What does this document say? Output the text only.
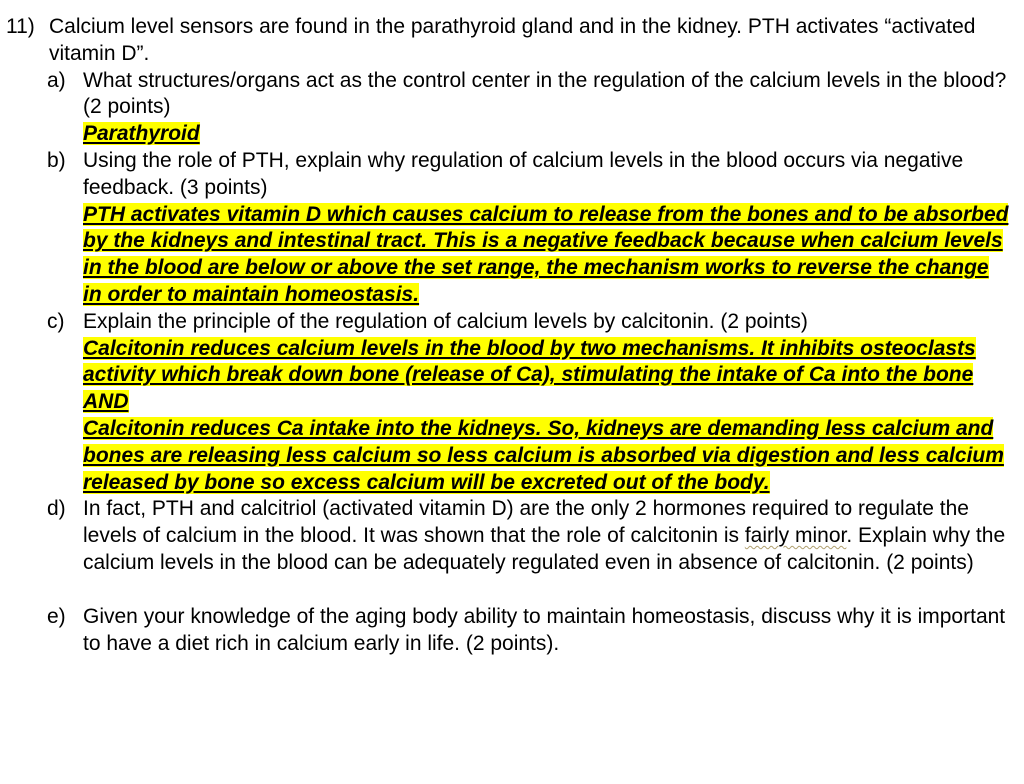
11) Calcium level sensors are found in the parathyroid gland and in the kidney. PTH activates “activated vitamin D”.

a) What structures/organs act as the control center in the regulation of the calcium levels in the blood? (2 points)

Parathyroid

b) Using the role of PTH, explain why regulation of calcium levels in the blood occurs via negative feedback. (3 points)

PTH activates vitamin D which causes calcium to release from the bones and to be absorbed by the kidneys and intestinal tract. This is a negative feedback because when calcium levels in the blood are below or above the set range, the mechanism works to reverse the change in order to maintain homeostasis.

c) Explain the principle of the regulation of calcium levels by calcitonin. (2 points)

Calcitonin reduces calcium levels in the blood by two mechanisms. It inhibits osteoclasts activity which break down bone (release of Ca), stimulating the intake of Ca into the bone

AND

Calcitonin reduces Ca intake into the kidneys. So, kidneys are demanding less calcium and bones are releasing less calcium so less calcium is absorbed via digestion and less calcium released by bone so excess calcium will be excreted out of the body.

d) In fact, PTH and calcitriol (activated vitamin D) are the only 2 hormones required to regulate the levels of calcium in the blood. It was shown that the role of calcitonin is fairly minor. Explain why the calcium levels in the blood can be adequately regulated even in absence of calcitonin. (2 points)

e) Given your knowledge of the aging body ability to maintain homeostasis, discuss why it is important to have a diet rich in calcium early in life. (2 points).
